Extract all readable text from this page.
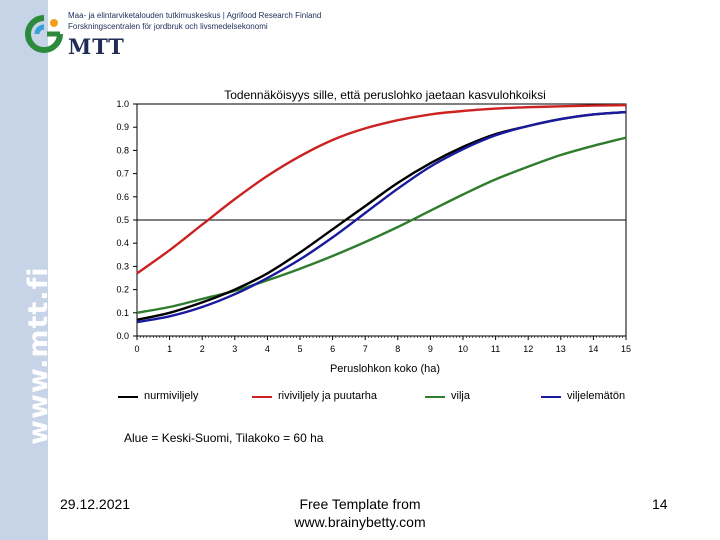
www.mtt.fi
MTT
Maa- ja elintarviketalouden tutkimuskeskus | Agrifood Research Finland
Forskningscentralen för jordbruk och livsmedelsekonomi
Todennäköisyys sille, että peruslohko jaetaan kasvulohkoiksi
0.0
0.1
0.2
0.3
0.4
0.5
0.6
0.7
0.8
0.9
1.0
0	1	2	3	4	5	6	7	8	9	10	11	12	13	14	15
Peruslohkon koko (ha)
nurmiviljely	riviviljely ja puutarha	vilja	viljelemätön
Alue = Keski-Suomi, Tilakoko = 60 ha
29.12.2021	Free Template from
www.brainybetty.com
14
